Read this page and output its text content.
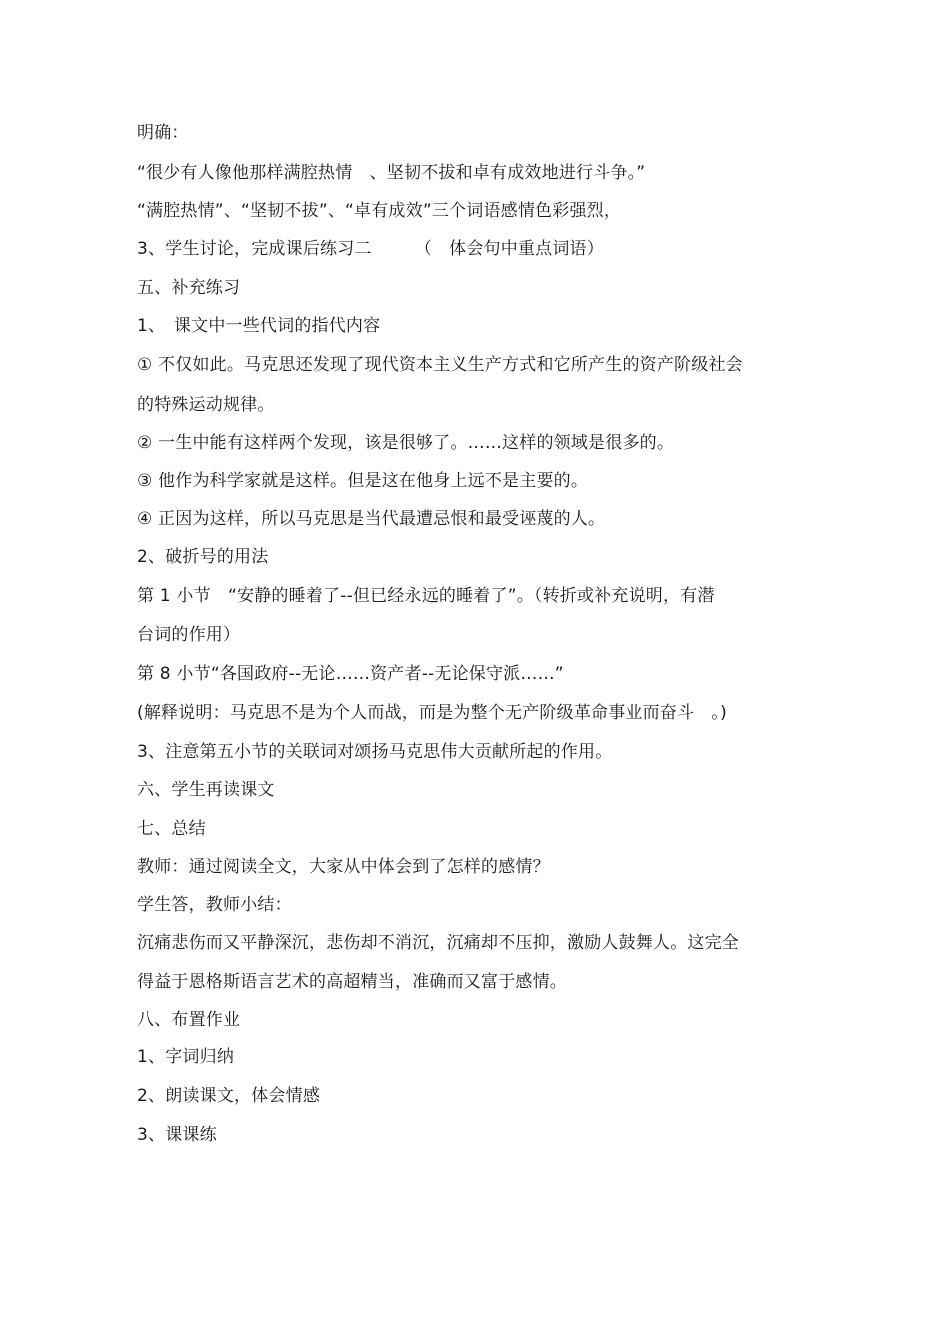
明确：
“很少有人像他那样满腔热情　、坚韧不拔和卓有成效地进行斗争。”
“满腔热情”、“坚韧不拔”、“卓有成效”三个词语感情色彩强烈，
3、学生讨论，完成课后练习二　　　（　体会句中重点词语）
五、补充练习
1、　课文中一些代词的指代内容
① 不仅如此。马克思还发现了现代资本主义生产方式和它所产生的资产阶级社会
的特殊运动规律。
② 一生中能有这样两个发现，该是很够了。……这样的领域是很多的。
③ 他作为科学家就是这样。但是这在他身上远不是主要的。
④ 正因为这样，所以马克思是当代最遭忌恨和最受诬蔑的人。
2、破折号的用法
第 1 小节　“安静的睡着了--但已经永远的睡着了”。（转折或补充说明，有潜
台词的作用）
第 8 小节“各国政府--无论……资产者--无论保守派……”
(解释说明：马克思不是为个人而战，而是为整个无产阶级革命事业而奋斗　。)
3、注意第五小节的关联词对颂扬马克思伟大贡献所起的作用。
六、学生再读课文
七、总结
教师：通过阅读全文，大家从中体会到了怎样的感情？
学生答，教师小结：
沉痛悲伤而又平静深沉，悲伤却不消沉，沉痛却不压抑，激励人鼓舞人。这完全
得益于恩格斯语言艺术的高超精当，准确而又富于感情。
八、布置作业
1、字词归纳
2、朗读课文，体会情感
3、课课练
